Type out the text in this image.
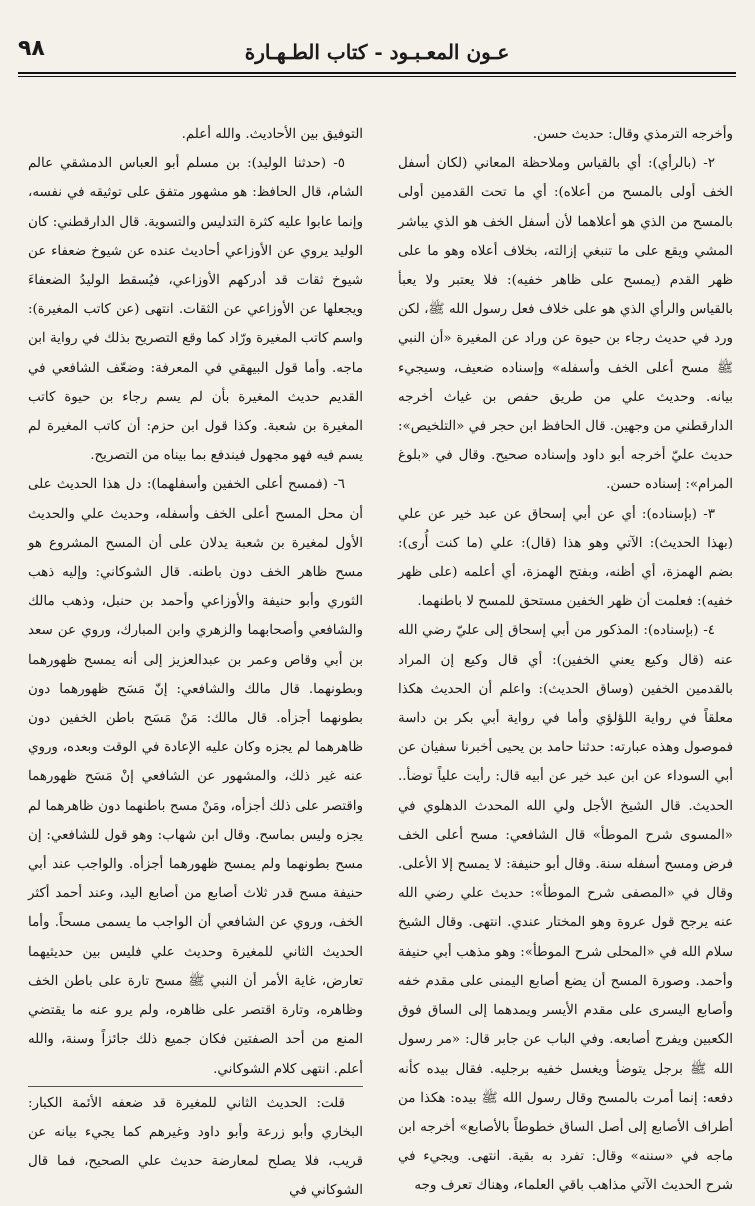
٩٨	عـون المعـبـود - كتاب الطـهـارة

وأخرجه الترمذي وقال: حديث حسن.

٢- (بالرأي): أي بالقياس وملاحظة المعاني (لكان أسفل الخف أولى بالمسح من أعلاه): أي ما تحت القدمين أولى بالمسح من الذي هو أعلاهما لأن أسفل الخف هو الذي يباشر المشي ويقع على ما تنبغي إزالته، بخلاف أعلاه وهو ما على ظهر القدم (يمسح على ظاهر خفيه): فلا يعتبر ولا يعبأ بالقياس والرأي الذي هو على خلاف فعل رسول الله ﷺ، لكن ورد في حديث رجاء بن حيوة عن وراد عن المغيرة «أن النبي ﷺ مسح أعلى الخف وأسفله» وإسناده ضعيف، وسيجيء بيانه. وحديث علي من طريق حفص بن غياث أخرجه الدارقطني من وجهين. قال الحافظ ابن حجر في «التلخيص»: حديث عليّ أخرجه أبو داود وإسناده صحيح. وقال في «بلوغ المرام»: إسناده حسن.

٣- (بإسناده): أي عن أبي إسحاق عن عبد خير عن علي (بهذا الحديث): الآتي وهو هذا (قال): علي (ما كنت أُرى): بضم الهمزة، أي أظنه، وبفتح الهمزة، أي أعلمه (على ظهر خفيه): فعلمت أن ظهر الخفين مستحق للمسح لا باطنهما.

٤- (بإسناده): المذكور من أبي إسحاق إلى عليّ رضي الله عنه (قال وكيع يعني الخفين): أي قال وكيع إن المراد بالقدمين الخفين (وساق الحديث): واعلم أن الحديث هكذا معلقاً في رواية اللؤلؤي وأما في رواية أبي بكر بن داسة فموصول وهذه عبارته: حدثنا حامد بن يحيى أخبرنا سفيان عن أبي السوداء عن ابن عبد خير عن أبيه قال: رأيت علياً توضأ.. الحديث. قال الشيخ الأجل ولي الله المحدث الدهلوي في «المسوى شرح الموطأ» قال الشافعي: مسح أعلى الخف فرض ومسح أسفله سنة. وقال أبو حنيفة: لا يمسح إلا الأعلى. وقال في «المصفى شرح الموطأ»: حديث علي رضي الله عنه يرجح قول عروة وهو المختار عندي. انتهى. وقال الشيخ سلام الله في «المحلى شرح الموطأ»: وهو مذهب أبي حنيفة وأحمد. وصورة المسح أن يضع أصابع اليمنى على مقدم خفه وأصابع اليسرى على مقدم الأيسر ويمدهما إلى الساق فوق الكعبين ويفرج أصابعه. وفي الباب عن جابر قال: «مر رسول الله ﷺ برجل يتوضأ ويغسل خفيه برجليه. فقال بيده كأنه دفعه: إنما أمرت بالمسح وقال رسول الله ﷺ بيده: هكذا من أطراف الأصابع إلى أصل الساق خطوطاً بالأصابع» أخرجه ابن ماجه في «سننه» وقال: تفرد به بقية. انتهى. ويجيء في شرح الحديث الآتي مذاهب باقي العلماء، وهناك تعرف وجه

التوفيق بين الأحاديث. والله أعلم.

٥- (حدثنا الوليد): بن مسلم أبو العباس الدمشقي عالم الشام، قال الحافظ: هو مشهور متفق على توثيقه في نفسه، وإنما عابوا عليه كثرة التدليس والتسوية. قال الدارقطني: كان الوليد يروي عن الأوزاعي أحاديث عنده عن شيوخ ضعفاء عن شيوخ ثقات قد أدركهم الأوزاعي، فيُسقط الوليدُ الضعفاءَ ويجعلها عن الأوزاعي عن الثقات. انتهى (عن كاتب المغيرة): واسم كاتب المغيرة ورّاد كما وقع التصريح بذلك في رواية ابن ماجه. وأما قول البيهقي في المعرفة: وضعّف الشافعي في القديم حديث المغيرة بأن لم يسم رجاء بن حيوة كاتب المغيرة بن شعبة. وكذا قول ابن حزم: أن كاتب المغيرة لم يسم فيه فهو مجهول فيندفع بما بيناه من التصريح.

٦- (فمسح أعلى الخفين وأسفلهما): دل هذا الحديث على أن محل المسح أعلى الخف وأسفله، وحديث علي والحديث الأول لمغيرة بن شعبة يدلان على أن المسح المشروع هو مسح ظاهر الخف دون باطنه. قال الشوكاني: وإليه ذهب الثوري وأبو حنيفة والأوزاعي وأحمد بن حنبل، وذهب مالك والشافعي وأصحابهما والزهري وابن المبارك، وروي عن سعد بن أبي وقاص وعمر بن عبدالعزيز إلى أنه يمسح ظهورهما وبطونهما. قال مالك والشافعي: إنّ مَسَح ظهورهما دون بطونهما أجزأه. قال مالك: مَنْ مَسَح باطن الخفين دون ظاهرهما لم يجزه وكان عليه الإعادة في الوقت وبعده، وروي عنه غير ذلك، والمشهور عن الشافعي إنْ مَسَح ظهورهما واقتصر على ذلك أجزأه، ومَنْ مسح باطنهما دون ظاهرهما لم يجزه وليس بماسح. وقال ابن شهاب: وهو قول للشافعي: إن مسح بطونهما ولم يمسح ظهورهما أجزأه. والواجب عند أبي حنيفة مسح قدر ثلاث أصابع من أصابع اليد، وعند أحمد أكثر الخف، وروي عن الشافعي أن الواجب ما يسمى مسحاً. وأما الحديث الثاني للمغيرة وحديث علي فليس بين حديثيهما تعارض، غاية الأمر أن النبي ﷺ مسح تارة على باطن الخف وظاهره، وتارة اقتصر على ظاهره، ولم يرو عنه ما يقتضي المنع من أحد الصفتين فكان جميع ذلك جائزاً وسنة، والله أعلم. انتهى كلام الشوكاني.

قلت: الحديث الثاني للمغيرة قد ضعفه الأئمة الكبار: البخاري وأبو زرعة وأبو داود وغيرهم كما يجيء بيانه عن قريب، فلا يصلح لمعارضة حديث علي الصحيح، فما قال الشوكاني في
